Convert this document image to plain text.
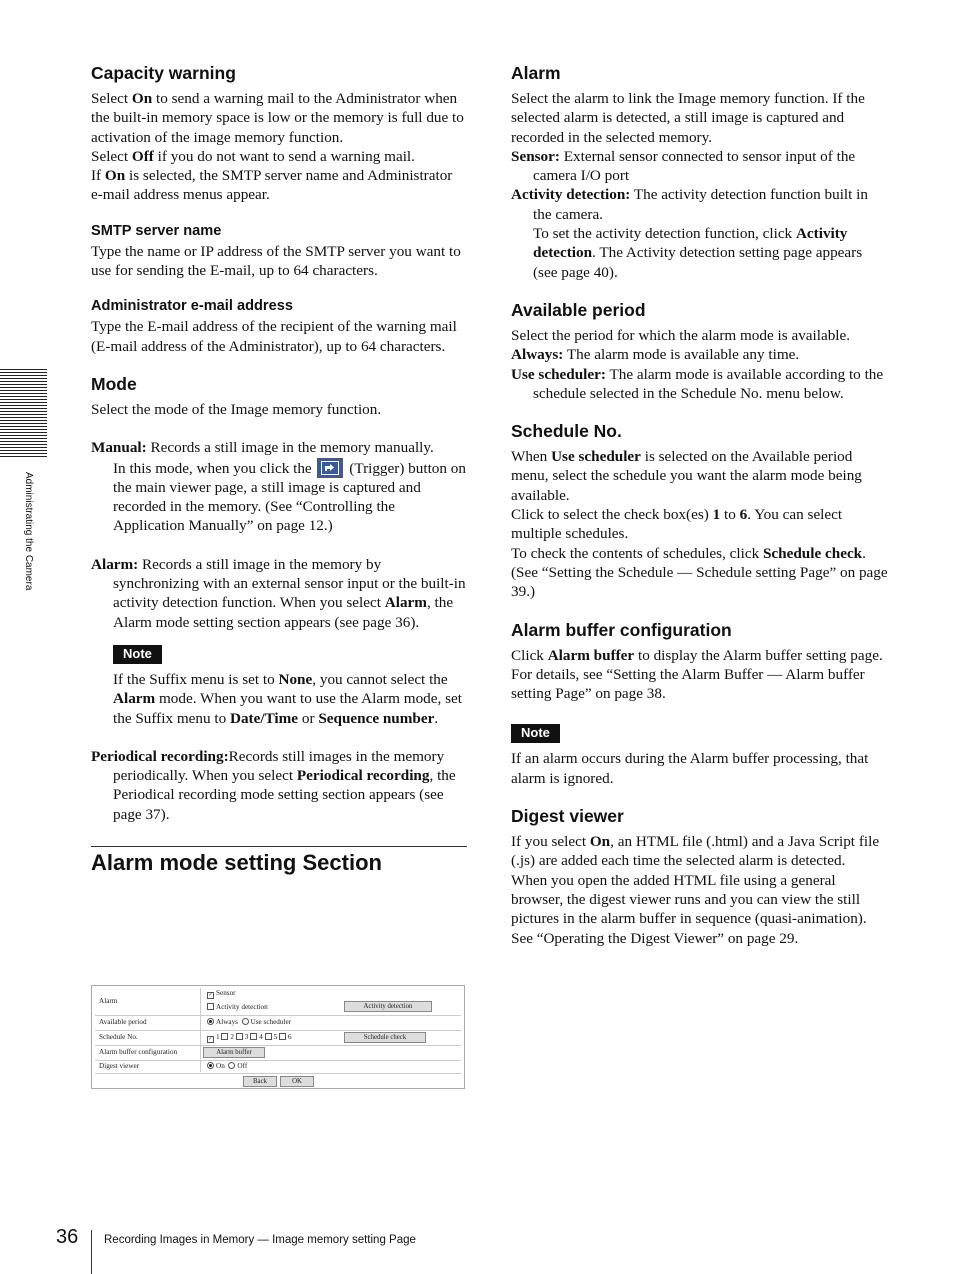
Administrating the Camera
Capacity warning

Select On to send a warning mail to the Administrator when the built-in memory space is low or the memory is full due to activation of the image memory function.

Select Off if you do not want to send a warning mail.

If On is selected, the SMTP server name and Administrator e-mail address menus appear.

SMTP server name

Type the name or IP address of the SMTP server you want to use for sending the E-mail, up to 64 characters.

Administrator e-mail address

Type the E-mail address of the recipient of the warning mail (E-mail address of the Administrator), up to 64 characters.

Mode

Select the mode of the Image memory function.

Manual: Records a still image in the memory manually.

In this mode, when you click the
(Trigger) button on the main viewer page, a still image is captured and recorded in the memory. (See “Controlling the Application Manually” on page 12.)

Alarm: Records a still image in the memory by synchronizing with an external sensor input or the built-in activity detection function. When you select Alarm, the Alarm mode setting section appears (see page 36).

Note

If the Suffix menu is set to None, you cannot select the Alarm mode. When you want to use the Alarm mode, set the Suffix menu to Date/Time or Sequence number.

Periodical recording:Records still images in the memory periodically. When you select Periodical recording, the Periodical recording mode setting section appears (see page 37).

Alarm mode setting Section
Alarm
✓ Sensor
Activity detection	Activity detection
Available period	Always Use scheduler
Schedule No.	✓ 1 2 3 4 5 6	Schedule check
Alarm buffer configuration	Alarm buffer
Digest viewer	On Off
Back	OK
Alarm

Select the alarm to link the Image memory function. If the selected alarm is detected, a still image is captured and recorded in the selected memory.

Sensor: External sensor connected to sensor input of the camera I/O port

Activity detection: The activity detection function built in the camera.

To set the activity detection function, click Activity detection. The Activity detection setting page appears (see page 40).

Available period

Select the period for which the alarm mode is available.

Always: The alarm mode is available any time.

Use scheduler: The alarm mode is available according to the schedule selected in the Schedule No. menu below.

Schedule No.

When Use scheduler is selected on the Available period menu, select the schedule you want the alarm mode being available.

Click to select the check box(es) 1 to 6. You can select multiple schedules.

To check the contents of schedules, click Schedule check. (See “Setting the Schedule — Schedule setting Page” on page 39.)

Alarm buffer configuration

Click Alarm buffer to display the Alarm buffer setting page.

For details, see “Setting the Alarm Buffer — Alarm buffer setting Page” on page 38.

Note

If an alarm occurs during the Alarm buffer processing, that alarm is ignored.

Digest viewer

If you select On, an HTML file (.html) and a Java Script file (.js) are added each time the selected alarm is detected.

When you open the added HTML file using a general browser, the digest viewer runs and you can view the still pictures in the alarm buffer in sequence (quasi-animation).

See “Operating the Digest Viewer” on page 29.

36 Recording Images in Memory — Image memory setting Page
